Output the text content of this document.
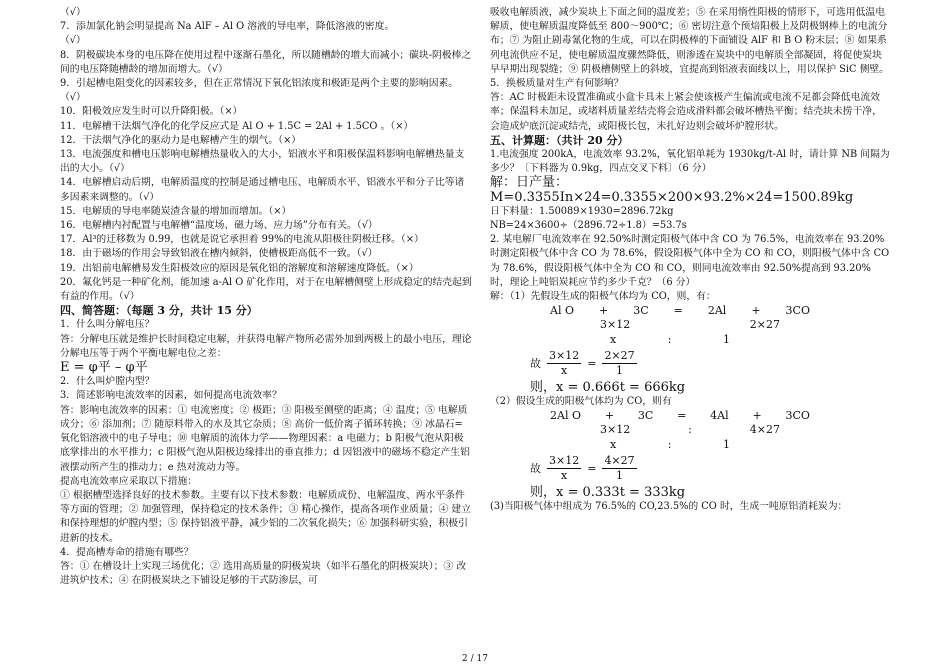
（√）
7．添加氯化钠会明显提高 Na AlF – Al O 溶液的导电率，降低溶液的密度。
（√）
8．阴极碳块本身的电压降在使用过程中逐渐石墨化，所以随槽龄的增大而减小；碳块-阴极棒之间的电压降随槽龄的增加而增大。（√）
9．引起槽电阻变化的因素较多，但在正常情况下氧化铝浓度和极距是两个主要的影响因素。（√）
10．阳极效应发生时可以升降阳极。（×）
11．电解槽干法烟气净化的化学反应式是 Al O + 1.5C = 2Al + 1.5CO 。（×）
12．干法烟气净化的驱动力是电解槽产生的烟气。（×）
13．电流强度和槽电压影响电解槽热量收入的大小，铝液水平和阳极保温料影响电解槽热量支出的大小。（√）
14．电解槽启动后期，电解质温度的控制是通过槽电压、电解质水平、铝液水平和分子比等诸多因素来调整的。（√）
15．电解质的导电率随炭渣含量的增加而增加。（×）
16．电解槽内衬配置与电解槽“温度场、磁力场、应力场”分布有关。（√）
17．Al³的迁移数为 0.99，也就是说它承担着 99%的电流从阳极往阴极迁移。（×）
18．由于磁场的作用会导致铝液在槽内倾斜，使槽极距高低不一致。（√）
19．出铝前电解槽易发生阳极效应的原因是氧化铝的溶解度和溶解速度降低。（×）
20．氟化钙是一种矿化剂，能加速 a-Al O 矿化作用，对于在电解槽侧壁上形成稳定的结壳起到有益的作用。（√）
四、简答题：（每题 3 分，共计 15 分）
1．什么叫分解电压？
答：分解电压就是维护长时间稳定电解，并获得电解产物所必需外加到两极上的最小电压，理论分解电压等于两个平衡电解电位之差：
E = φ平 – φ平
2．什么叫炉膛内型？
3．简述影响电流效率的因素，如何提高电流效率？
答：影响电流效率的因素：① 电流密度；② 极距；③ 阳极至侧壁的距离；④ 温度；⑤ 电解质成分；⑥ 添加剂；⑦ 随原料带入的水及其它杂质；⑧ 高价一低价离子循环转换；⑨ 冰晶石=氧化铝溶液中的电子导电；⑩ 电解质的流体力学——物理因素：a 电磁力；b 阳极气泡从阳极底掌排出的水平推力；c 阳极气泡从阳极边缘排出的垂直推力；d 因铝液中的磁场不稳定产生铝液摆动所产生的推动力；e 热对流动力等。
提高电流效率应采取以下措施：
① 根据槽型选择良好的技术参数。主要有以下技术参数：电解质成份、电解温度、两水平条件等方面的管理；② 加强管理，保持稳定的技术条件；③ 精心操作，提高各项作业质量；④ 建立和保持理想的炉膛内型；⑤ 保持铝液平静，减少铝的二次氧化损失；⑥ 加强科研实验，积极引进新的技术。
4．提高槽寿命的措施有哪些？
答：① 在槽设计上实现三场优化；② 选用高质量的阴极炭块（如半石墨化的阴极炭块）；③ 改进筑炉技术；④ 在阴极炭块之下铺设足够的干式防渗层，可
吸收电解质液，减少炭块上下面之间的温度差；⑤ 在采用惰性阳极的情形下，可选用低温电解质，使电解质温度降低至 800～900℃；⑥ 密切注意个预焙阳极上及阴极钢棒上的电流分布；⑦ 为阻止剧毒氰化物的生成，可以在阴极棒的下面铺设 AlF 和 B O 粉末层；⑧ 如果系列电流供应不足，使电解质温度骤然降低，则渗透在炭块中的电解质全部凝固，将促使炭块早早期出现裂缝；⑨ 阴极槽侧壁上的斜坡，宜提高到铝液表面线以上，用以保护 SiC 侧壁。
5．换极质量对生产有何影响？
答：AC 时极距未设置准确或小盒卡具未上紧会使该极产生偏流或电流不足都会降低电流效率；保温料未加足，或堵料质量差结壳将会造成滑料都会破坏槽热平衡；结壳块未捞干净，会造成炉底沉淀或结壳，或阳极长包，未扎好边则会破坏炉膛形状。
五、计算题：（共计 20 分）
1.电流强度 200kA，电流效率 93.2%，氧化铝单耗为 1930kg/t-Al 时，请计算 NB 间隔为多少？〔下料器为 0.9kg，四点交叉下料〕（6 分）
解：日产量：M=0.3355In×24=0.3355×200×93.2%×24=1500.89kg
日下料量：1.50089×1930=2896.72kg
NB=24×3600÷（2896.72÷1.8）=53.7s
2. 某电解厂电流效率在 92.50%时测定阳极气体中含 CO 为 76.5%，电流效率在 93.20%时测定阳极气体中含 CO 为 78.6%，假设阳极气体中全为 CO 和 CO，则阳极气体中含 CO 为 78.6%，假设阳极气体中全为 CO 和 CO，则同电流效率由 92.50%提高到 93.20%时，理论上吨铝炭耗应节约多少千克？（6 分）
解：（1）先假设生成的阳极气体均为 CO，则，有：
Al O + 3C = 2Al + 3CO
3×12	2×27
x	:	1
故 $\frac{3\times 12}{x} = \frac{2\times 27}{1}$
则，x = 0.666t = 666kg
（2）假设生成的阳极气体均为 CO，则有
2Al O + 3C = 4Al + 3CO
3×12	:	4×27
x	:	1
故 $\frac{3\times 12}{x} = \frac{4\times 27}{1}$
则，x = 0.333t = 333kg
(3)当阳极气体中组成为 76.5%的 CO,23.5%的 CO 时，生成一吨原铝消耗炭为：
2 / 17
